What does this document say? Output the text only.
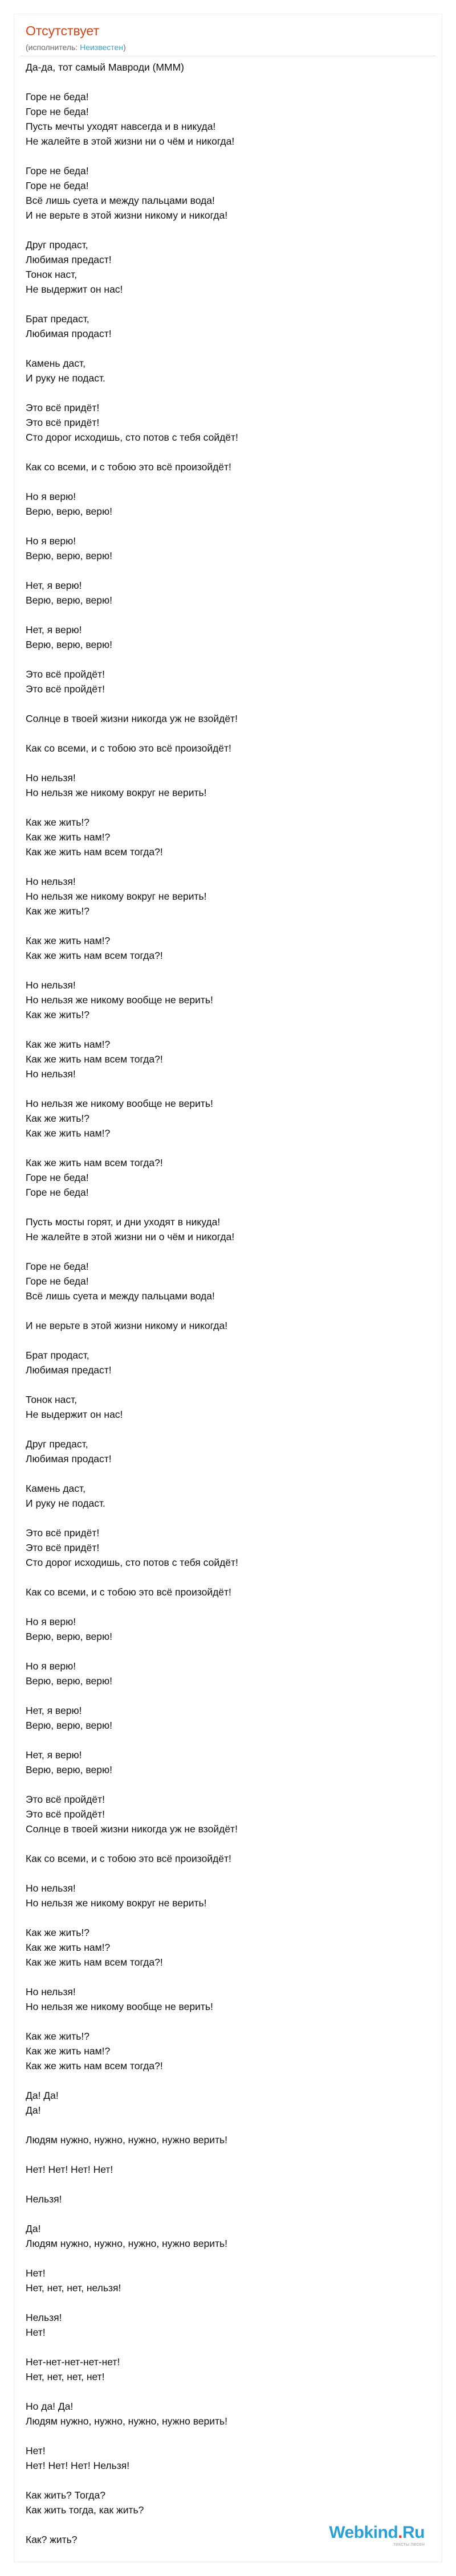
Отсутствует
(исполнитель: Неизвестен)
Да-да, тот самый Мавроди (МММ)
Горе не беда!
Горе не беда!
Пусть мечты уходят навсегда и в никуда!
Не жалейте в этой жизни ни о чём и никогда!
Горе не беда!
Горе не беда!
Всё лишь суета и между пальцами вода!
И не верьте в этой жизни никому и никогда!
Друг продаст,
Любимая предаст!
Тонок наст,
Не выдержит он нас!
Брат предаст,
Любимая продаст!
Камень даст,
И руку не подаст.
Это всё придёт!
Это всё придёт!
Сто дорог исходишь, сто потов с тебя сойдёт!
Как со всеми, и с тобою это всё произойдёт!
Но я верю!
Верю, верю, верю!
Но я верю!
Верю, верю, верю!
Нет, я верю!
Верю, верю, верю!
Нет, я верю!
Верю, верю, верю!
Это всё пройдёт!
Это всё пройдёт!
Солнце в твоей жизни никогда уж не взойдёт!
Как со всеми, и с тобою это всё произойдёт!
Но нельзя!
Но нельзя же никому вокруг не верить!
Как же жить!?
Как же жить нам!?
Как же жить нам всем тогда?!
Но нельзя!
Но нельзя же никому вокруг не верить!
Как же жить!?
Как же жить нам!?
Как же жить нам всем тогда?!
Но нельзя!
Но нельзя же никому вообще не верить!
Как же жить!?
Как же жить нам!?
Как же жить нам всем тогда?!
Но нельзя!
Но нельзя же никому вообще не верить!
Как же жить!?
Как же жить нам!?
Как же жить нам всем тогда?!
Горе не беда!
Горе не беда!
Пусть мосты горят, и дни уходят в никуда!
Не жалейте в этой жизни ни о чём и никогда!
Горе не беда!
Горе не беда!
Всё лишь суета и между пальцами вода!
И не верьте в этой жизни никому и никогда!
Брат продаст,
Любимая предаст!
Тонок наст,
Не выдержит он нас!
Друг предаст,
Любимая продаст!
Камень даст,
И руку не подаст.
Это всё придёт!
Это всё придёт!
Сто дорог исходишь, сто потов с тебя сойдёт!
Как со всеми, и с тобою это всё произойдёт!
Но я верю!
Верю, верю, верю!
Но я верю!
Верю, верю, верю!
Нет, я верю!
Верю, верю, верю!
Нет, я верю!
Верю, верю, верю!
Это всё пройдёт!
Это всё пройдёт!
Солнце в твоей жизни никогда уж не взойдёт!
Как со всеми, и с тобою это всё произойдёт!
Но нельзя!
Но нельзя же никому вокруг не верить!
Как же жить!?
Как же жить нам!?
Как же жить нам всем тогда?!
Но нельзя!
Но нельзя же никому вообще не верить!
Как же жить!?
Как же жить нам!?
Как же жить нам всем тогда?!
Да! Да!
Да!
Людям нужно, нужно, нужно, нужно верить!
Нет! Нет! Нет! Нет!
Нельзя!
Да!
Людям нужно, нужно, нужно, нужно верить!
Нет!
Нет, нет, нет, нельзя!
Нельзя!
Нет!
Нет-нет-нет-нет-нет!
Нет, нет, нет, нет!
Но да! Да!
Людям нужно, нужно, нужно, нужно верить!
Нет!
Нет! Нет! Нет! Нельзя!
Как жить? Тогда?
Как жить тогда, как жить?
Как? жить?	Webkind.Ru
тексты песен
